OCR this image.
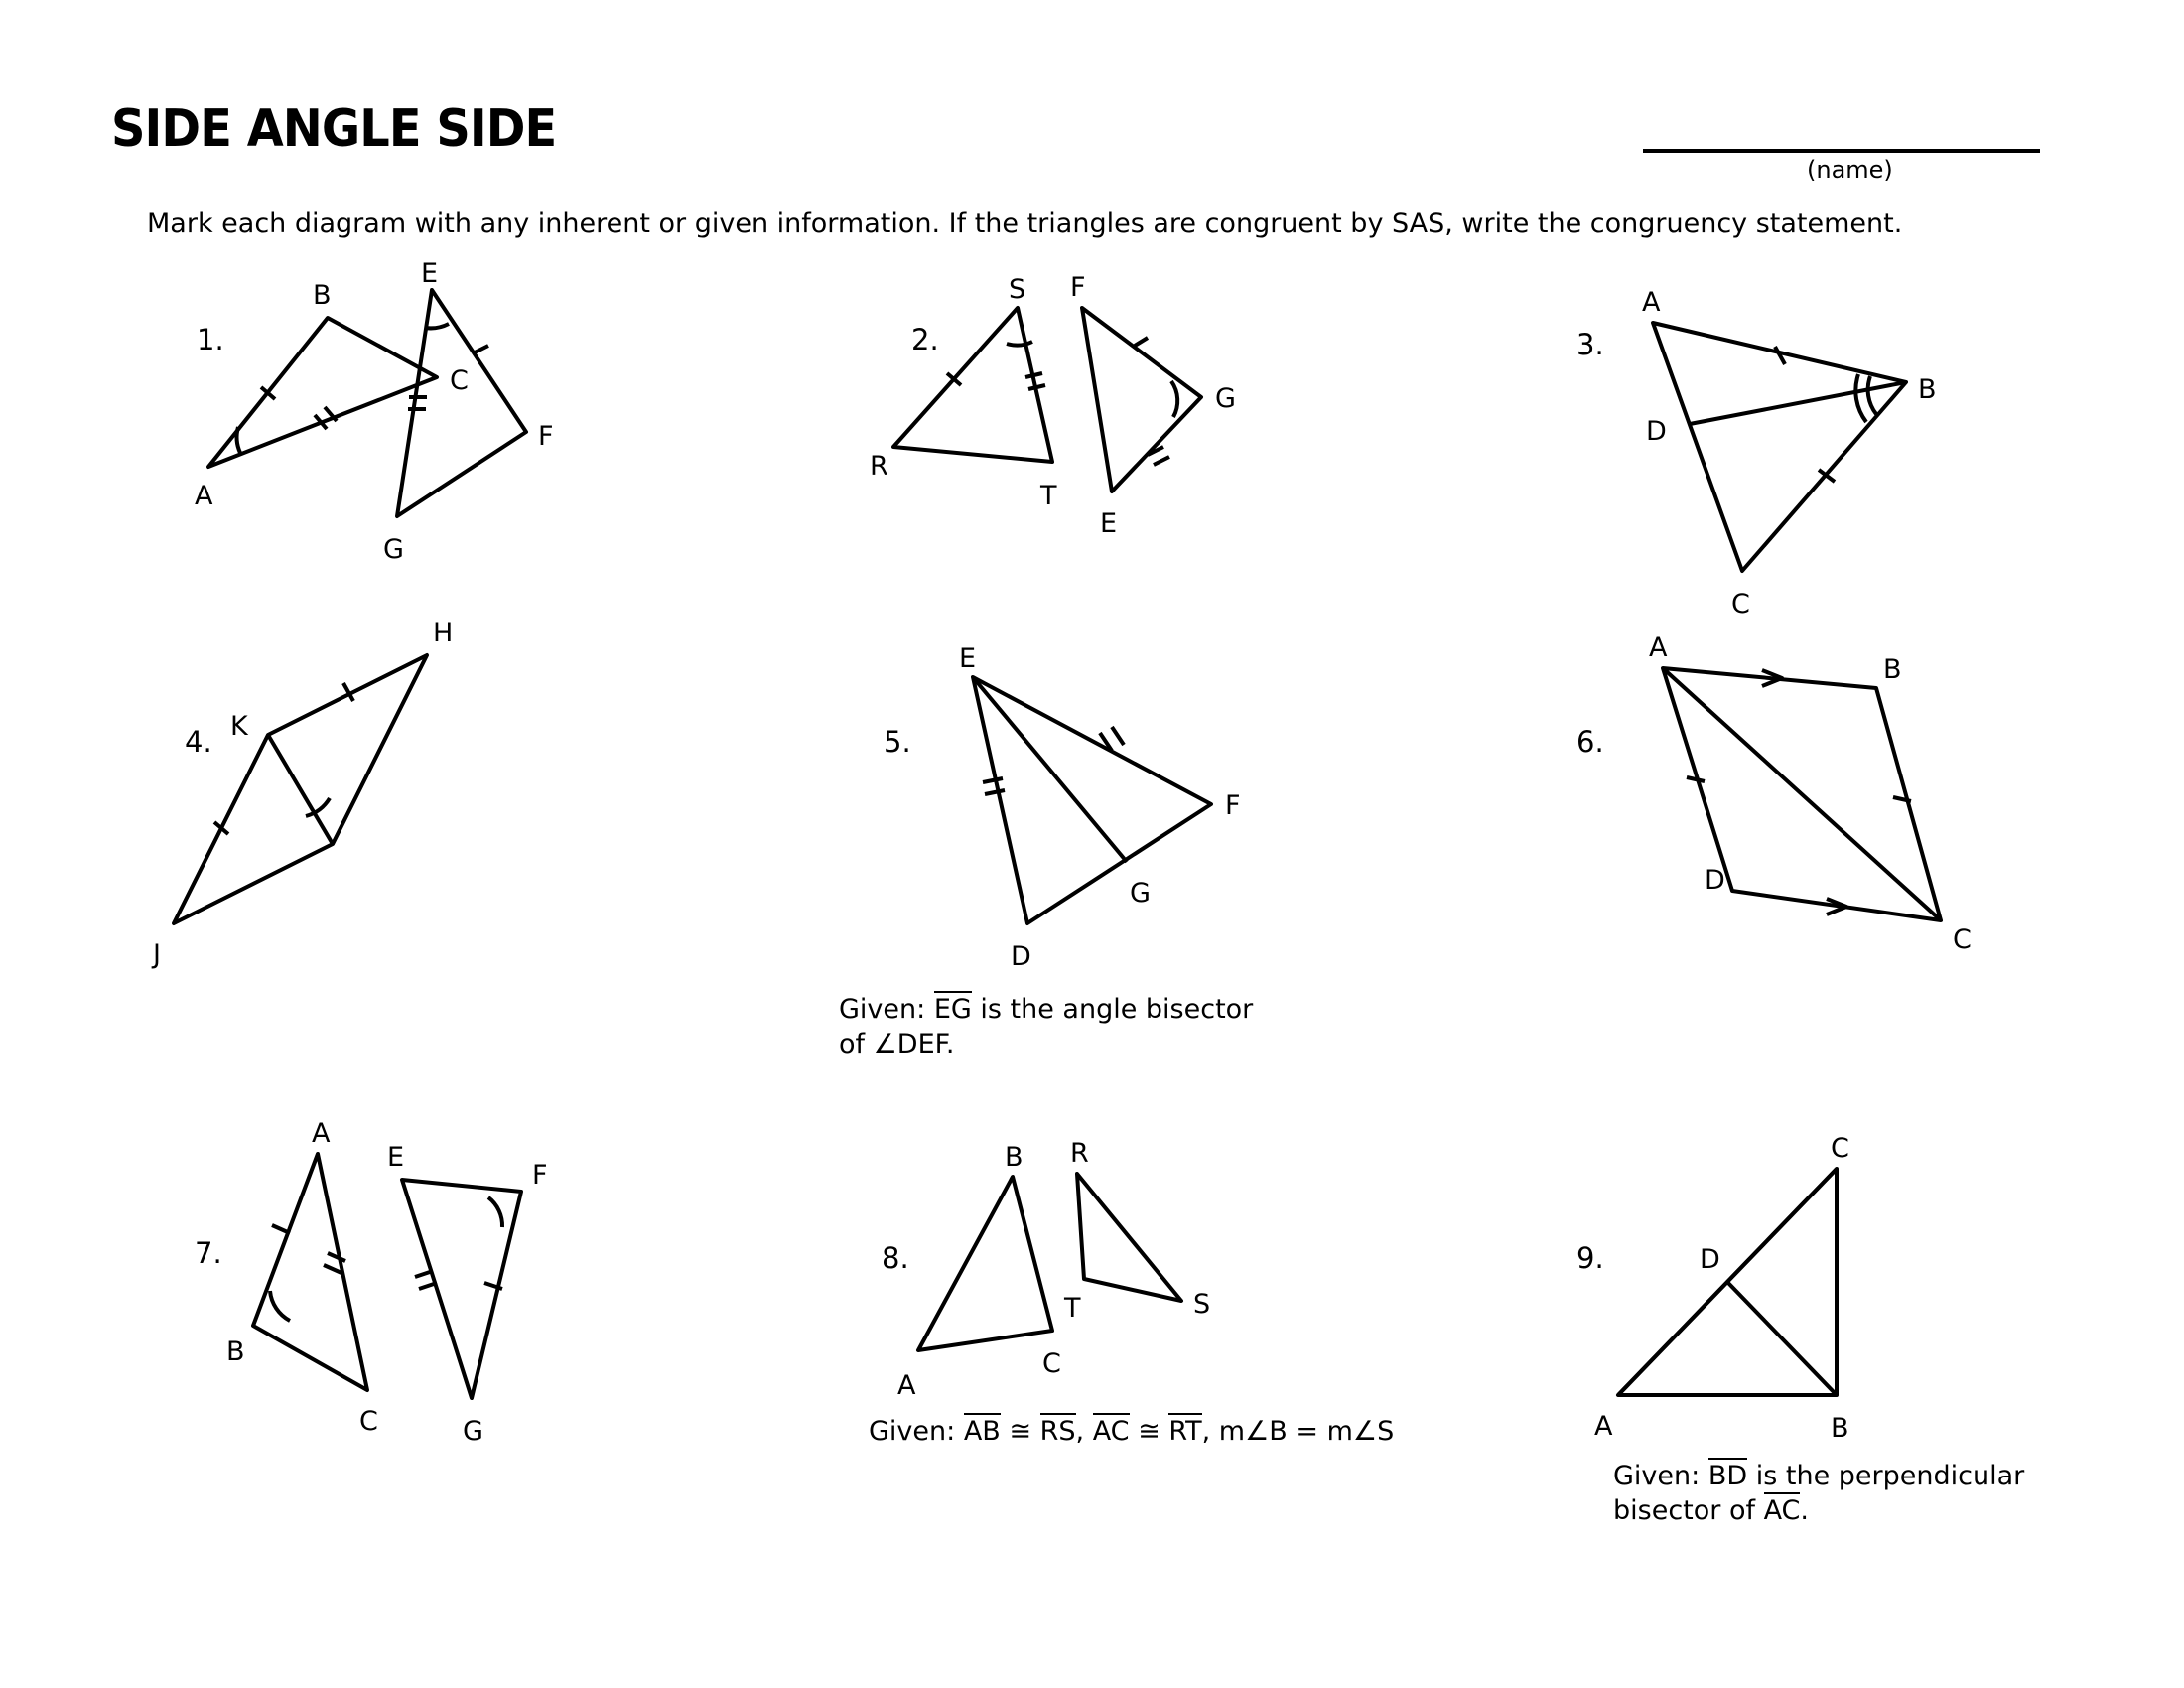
SIDE ANGLE SIDE
(name)
Mark each diagram with any inherent or given information. If the triangles are congruent by SAS, write the congruency statement.
1.
B
C
A
E
F
G
2.
S
R
T
F
G
E
3.
A
B
D
C
4.
H
K
J
5.
E
F
G
D
Given: EG is the angle bisector
of ∠DEF.
6.
A
B
D
C
7.
A
B
C
E
F
G
8.
B
A
C
R
T	S
Given: AB ≅ RS, AC ≅ RT, m∠B = m∠S
9.
C
D
A	B
Given: BD is the perpendicular
bisector of AC.
